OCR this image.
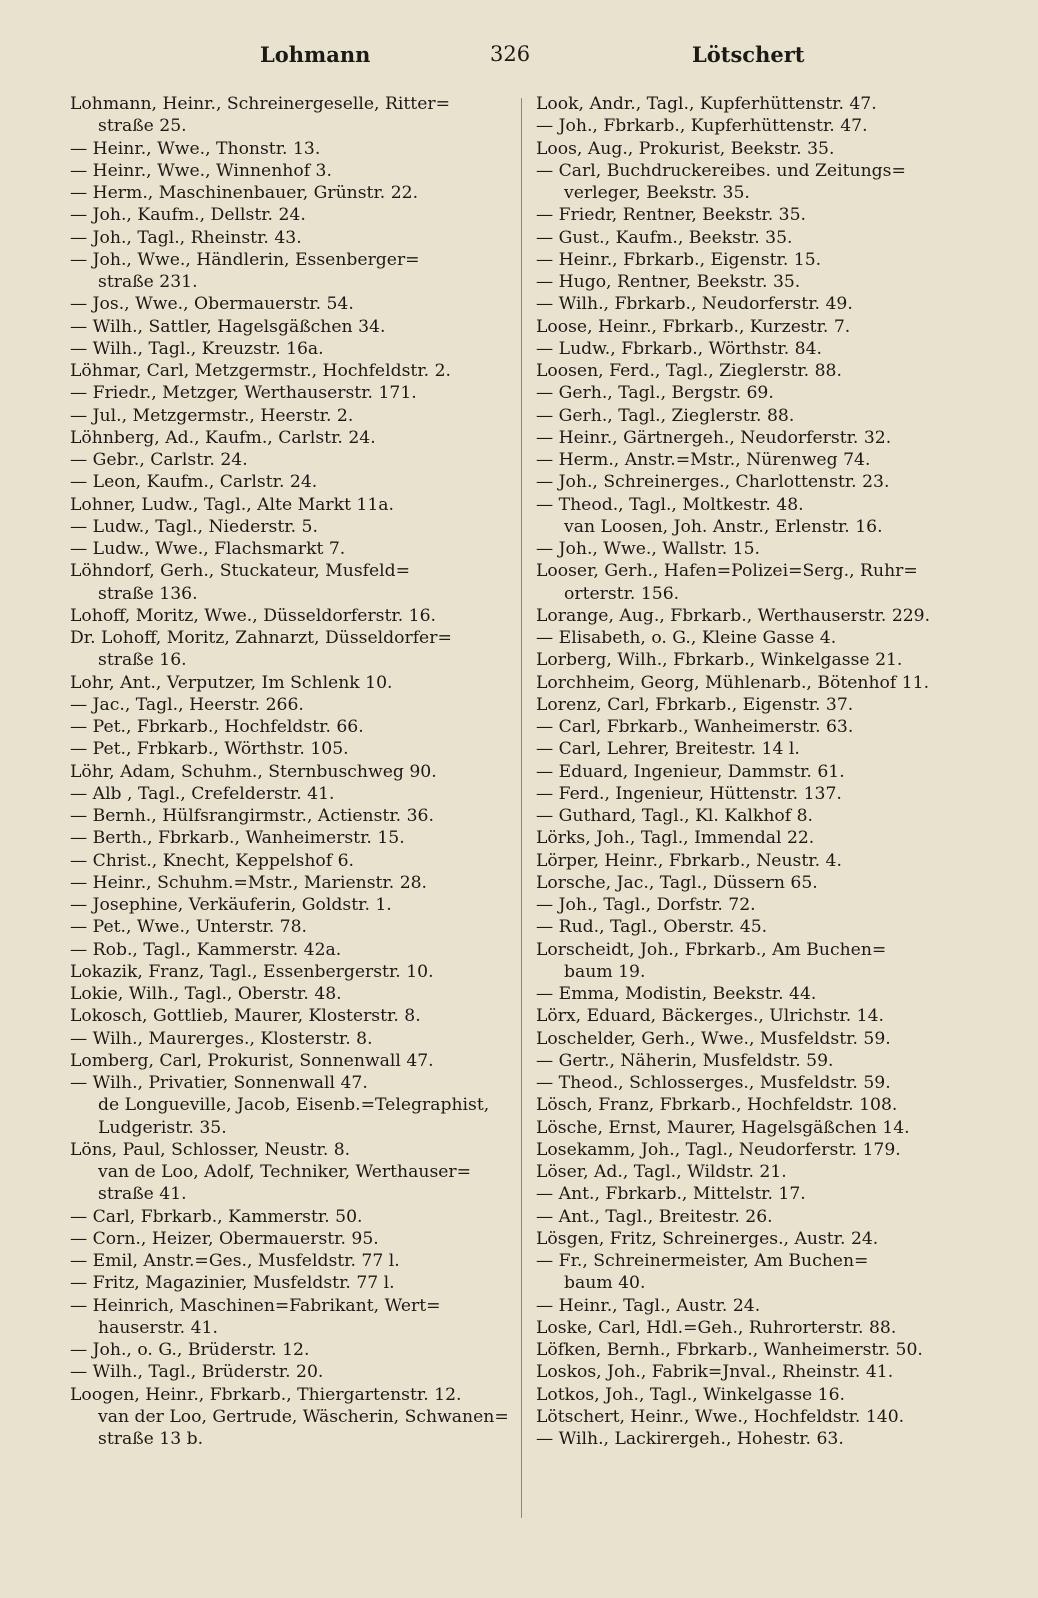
Lohmann	326	Lötschert
Lohmann, Heinr., Schreinergeselle, Ritter=
straße 25.
— Heinr., Wwe., Thonstr. 13.
— Heinr., Wwe., Winnenhof 3.
— Herm., Maschinenbauer, Grünstr. 22.
— Joh., Kaufm., Dellstr. 24.
— Joh., Tagl., Rheinstr. 43.
— Joh., Wwe., Händlerin, Essenberger=
straße 231.
— Jos., Wwe., Obermauerstr. 54.
— Wilh., Sattler, Hagelsgäßchen 34.
— Wilh., Tagl., Kreuzstr. 16a.
Löhmar, Carl, Metzgermstr., Hochfeldstr. 2.
— Friedr., Metzger, Werthauserstr. 171.
— Jul., Metzgermstr., Heerstr. 2.
Löhnberg, Ad., Kaufm., Carlstr. 24.
— Gebr., Carlstr. 24.
— Leon, Kaufm., Carlstr. 24.
Lohner, Ludw., Tagl., Alte Markt 11a.
— Ludw., Tagl., Niederstr. 5.
— Ludw., Wwe., Flachsmarkt 7.
Löhndorf, Gerh., Stuckateur, Musfeld=
straße 136.
Lohoff, Moritz, Wwe., Düsseldorferstr. 16.
Dr. Lohoff, Moritz, Zahnarzt, Düsseldorfer=
straße 16.
Lohr, Ant., Verputzer, Im Schlenk 10.
— Jac., Tagl., Heerstr. 266.
— Pet., Fbrkarb., Hochfeldstr. 66.
— Pet., Frbkarb., Wörthstr. 105.
Löhr, Adam, Schuhm., Sternbuschweg 90.
— Alb , Tagl., Crefelderstr. 41.
— Bernh., Hülfsrangirmstr., Actienstr. 36.
— Berth., Fbrkarb., Wanheimerstr. 15.
— Christ., Knecht, Keppelshof 6.
— Heinr., Schuhm.=Mstr., Marienstr. 28.
— Josephine, Verkäuferin, Goldstr. 1.
— Pet., Wwe., Unterstr. 78.
— Rob., Tagl., Kammerstr. 42a.
Lokazik, Franz, Tagl., Essenbergerstr. 10.
Lokie, Wilh., Tagl., Oberstr. 48.
Lokosch, Gottlieb, Maurer, Klosterstr. 8.
— Wilh., Maurerges., Klosterstr. 8.
Lomberg, Carl, Prokurist, Sonnenwall 47.
— Wilh., Privatier, Sonnenwall 47.
de Longueville, Jacob, Eisenb.=Telegraphist,
Ludgeristr. 35.
Löns, Paul, Schlosser, Neustr. 8.
van de Loo, Adolf, Techniker, Werthauser=
straße 41.
— Carl, Fbrkarb., Kammerstr. 50.
— Corn., Heizer, Obermauerstr. 95.
— Emil, Anstr.=Ges., Musfeldstr. 77 l.
— Fritz, Magazinier, Musfeldstr. 77 l.
— Heinrich, Maschinen=Fabrikant, Wert=
hauserstr. 41.
— Joh., o. G., Brüderstr. 12.
— Wilh., Tagl., Brüderstr. 20.
Loogen, Heinr., Fbrkarb., Thiergartenstr. 12.
van der Loo, Gertrude, Wäscherin, Schwanen=
straße 13 b.
Look, Andr., Tagl., Kupferhüttenstr. 47.
— Joh., Fbrkarb., Kupferhüttenstr. 47.
Loos, Aug., Prokurist, Beekstr. 35.
— Carl, Buchdruckereibes. und Zeitungs=
verleger, Beekstr. 35.
— Friedr, Rentner, Beekstr. 35.
— Gust., Kaufm., Beekstr. 35.
— Heinr., Fbrkarb., Eigenstr. 15.
— Hugo, Rentner, Beekstr. 35.
— Wilh., Fbrkarb., Neudorferstr. 49.
Loose, Heinr., Fbrkarb., Kurzestr. 7.
— Ludw., Fbrkarb., Wörthstr. 84.
Loosen, Ferd., Tagl., Zieglerstr. 88.
— Gerh., Tagl., Bergstr. 69.
— Gerh., Tagl., Zieglerstr. 88.
— Heinr., Gärtnergeh., Neudorferstr. 32.
— Herm., Anstr.=Mstr., Nürenweg 74.
— Joh., Schreinerges., Charlottenstr. 23.
— Theod., Tagl., Moltkestr. 48.
van Loosen, Joh. Anstr., Erlenstr. 16.
— Joh., Wwe., Wallstr. 15.
Looser, Gerh., Hafen=Polizei=Serg., Ruhr=
orterstr. 156.
Lorange, Aug., Fbrkarb., Werthauserstr. 229.
— Elisabeth, o. G., Kleine Gasse 4.
Lorberg, Wilh., Fbrkarb., Winkelgasse 21.
Lorchheim, Georg, Mühlenarb., Bötenhof 11.
Lorenz, Carl, Fbrkarb., Eigenstr. 37.
— Carl, Fbrkarb., Wanheimerstr. 63.
— Carl, Lehrer, Breitestr. 14 l.
— Eduard, Ingenieur, Dammstr. 61.
— Ferd., Ingenieur, Hüttenstr. 137.
— Guthard, Tagl., Kl. Kalkhof 8.
Lörks, Joh., Tagl., Immendal 22.
Lörper, Heinr., Fbrkarb., Neustr. 4.
Lorsche, Jac., Tagl., Düssern 65.
— Joh., Tagl., Dorfstr. 72.
— Rud., Tagl., Oberstr. 45.
Lorscheidt, Joh., Fbrkarb., Am Buchen=
baum 19.
— Emma, Modistin, Beekstr. 44.
Lörx, Eduard, Bäckerges., Ulrichstr. 14.
Loschelder, Gerh., Wwe., Musfeldstr. 59.
— Gertr., Näherin, Musfeldstr. 59.
— Theod., Schlosserges., Musfeldstr. 59.
Lösch, Franz, Fbrkarb., Hochfeldstr. 108.
Lösche, Ernst, Maurer, Hagelsgäßchen 14.
Losekamm, Joh., Tagl., Neudorferstr. 179.
Löser, Ad., Tagl., Wildstr. 21.
— Ant., Fbrkarb., Mittelstr. 17.
— Ant., Tagl., Breitestr. 26.
Lösgen, Fritz, Schreinerges., Austr. 24.
— Fr., Schreinermeister, Am Buchen=
baum 40.
— Heinr., Tagl., Austr. 24.
Loske, Carl, Hdl.=Geh., Ruhrorterstr. 88.
Löfken, Bernh., Fbrkarb., Wanheimerstr. 50.
Loskos, Joh., Fabrik=Jnval., Rheinstr. 41.
Lotkos, Joh., Tagl., Winkelgasse 16.
Lötschert, Heinr., Wwe., Hochfeldstr. 140.
— Wilh., Lackirergeh., Hohestr. 63.
